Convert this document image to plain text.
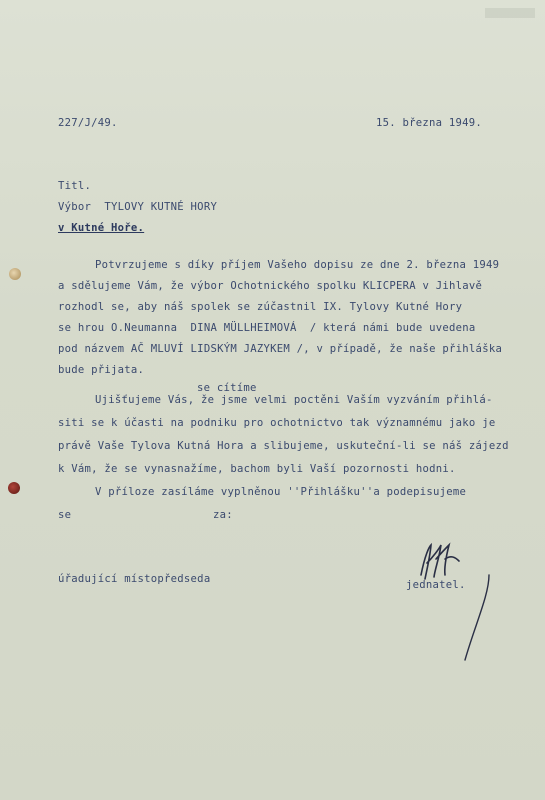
227/J/49.	15. března 1949.
Titl.
Výbor  TYLOVY KUTNÉ HORY
v Kutné Hoře.
Potvrzujeme s díky příjem Vašeho dopisu ze dne 2. března 1949
a sdělujeme Vám, že výbor Ochotnického spolku KLICPERA v Jihlavě
rozhodl se, aby náš spolek se zúčastnil IX. Tylovy Kutné Hory
se hrou O.Neumanna  DINA MÜLLHEIMOVÁ  / která námi bude uvedena
pod názvem AČ MLUVÍ LIDSKÝM JAZYKEM /, v případě, že naše přihláška
bude přijata.
se cítíme
Ujišťujeme Vás, že jsme velmi poctěni Vaším vyzváním přihlá-
siti se k účasti na podniku pro ochotnictvo tak významnému jako je
právě Vaše Tylova Kutná Hora a slibujeme, uskuteční-li se náš zájezd
k Vám, že se vynasnažíme, bachom byli Vaší pozornosti hodni.
V příloze zasíláme vyplněnou ''Přihlášku''a podepisujeme
se	za:
úřadující místopředseda	jednatel.
